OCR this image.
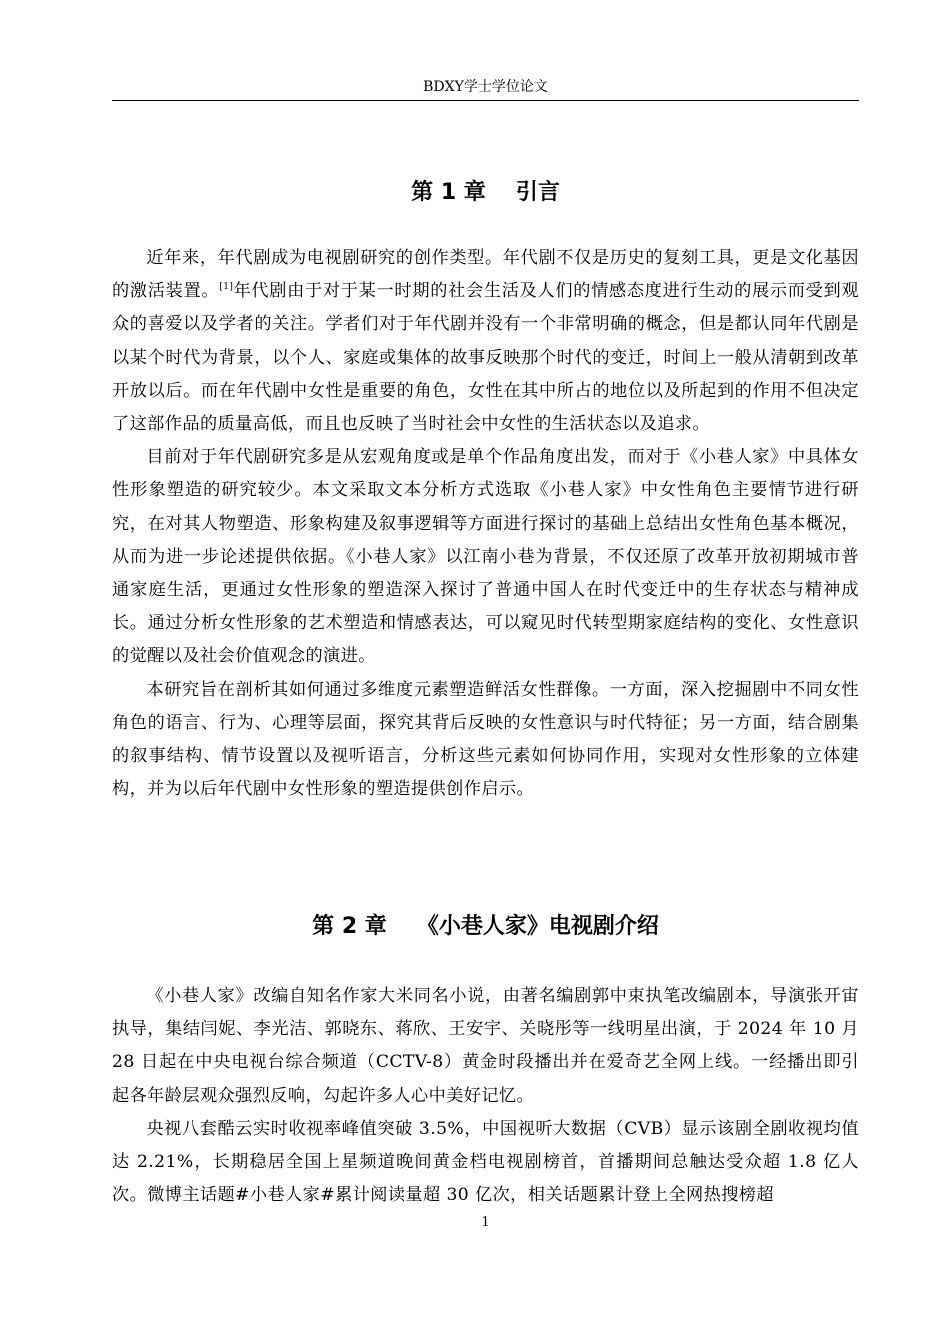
BDXY学士学位论文
第 1 章 引言

近年来，年代剧成为电视剧研究的创作类型。年代剧不仅是历史的复刻工具，更是文化基因的激活装置。[1]年代剧由于对于某一时期的社会生活及人们的情感态度进行生动的展示而受到观众的喜爱以及学者的关注。学者们对于年代剧并没有一个非常明确的概念，但是都认同年代剧是以某个时代为背景，以个人、家庭或集体的故事反映那个时代的变迁，时间上一般从清朝到改革开放以后。而在年代剧中女性是重要的角色，女性在其中所占的地位以及所起到的作用不但决定了这部作品的质量高低，而且也反映了当时社会中女性的生活状态以及追求。

目前对于年代剧研究多是从宏观角度或是单个作品角度出发，而对于《小巷人家》中具体女性形象塑造的研究较少。本文采取文本分析方式选取《小巷人家》中女性角色主要情节进行研究，在对其人物塑造、形象构建及叙事逻辑等方面进行探讨的基础上总结出女性角色基本概况，从而为进一步论述提供依据。《小巷人家》以江南小巷为背景，不仅还原了改革开放初期城市普通家庭生活，更通过女性形象的塑造深入探讨了普通中国人在时代变迁中的生存状态与精神成长。通过分析女性形象的艺术塑造和情感表达，可以窥见时代转型期家庭结构的变化、女性意识的觉醒以及社会价值观念的演进。

本研究旨在剖析其如何通过多维度元素塑造鲜活女性群像。一方面，深入挖掘剧中不同女性角色的语言、行为、心理等层面，探究其背后反映的女性意识与时代特征；另一方面，结合剧集的叙事结构、情节设置以及视听语言，分析这些元素如何协同作用，实现对女性形象的立体建构，并为以后年代剧中女性形象的塑造提供创作启示。

第 2 章 《小巷人家》电视剧介绍

《小巷人家》改编自知名作家大米同名小说，由著名编剧郭中束执笔改编剧本，导演张开宙执导，集结闫妮、李光洁、郭晓东、蒋欣、王安宇、关晓彤等一线明星出演，于 2024 年 10 月 28 日起在中央电视台综合频道（CCTV-8）黄金时段播出并在爱奇艺全网上线。一经播出即引起各年龄层观众强烈反响，勾起许多人心中美好记忆。

央视八套酷云实时收视率峰值突破 3.5%，中国视听大数据（CVB）显示该剧全剧收视均值达 2.21%，长期稳居全国上星频道晚间黄金档电视剧榜首，首播期间总触达受众超 1.8 亿人次。微博主话题#小巷人家#累计阅读量超 30 亿次，相关话题累计登上全网热搜榜超

1
